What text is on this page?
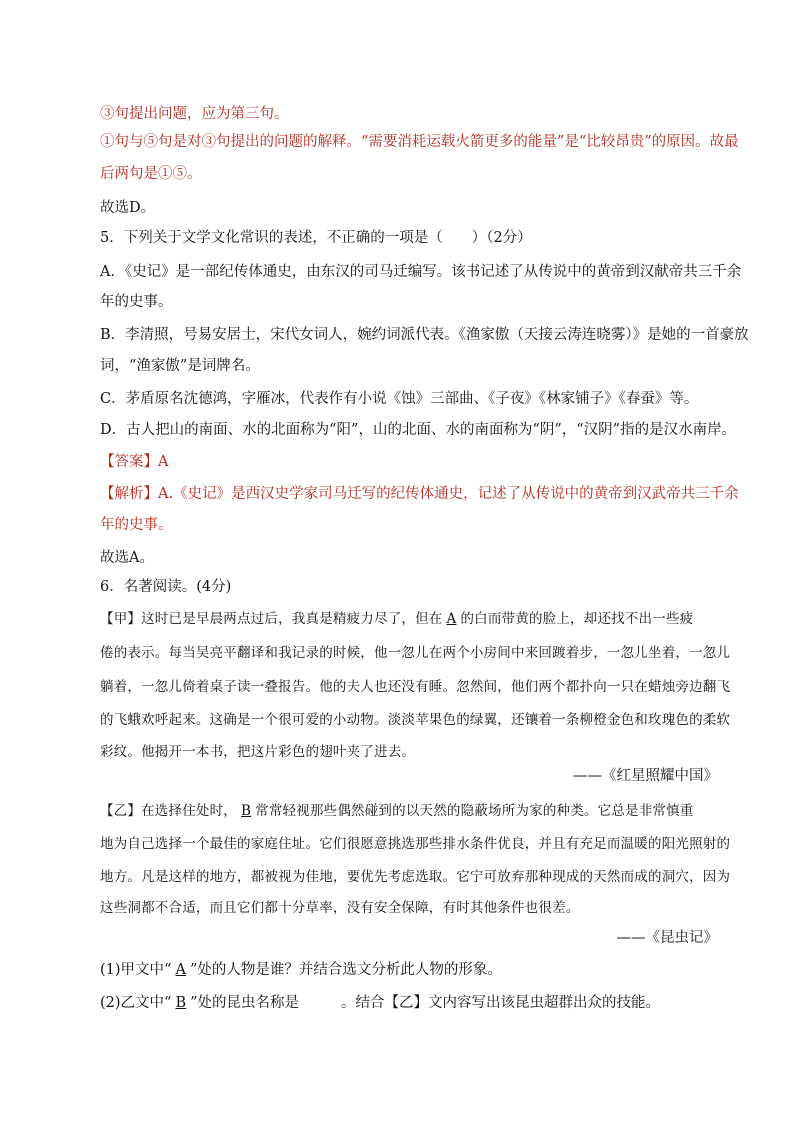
③句提出问题，应为第三句。
①句与⑤句是对③句提出的问题的解释。“需要消耗运载火箭更多的能量”是“比较昂贵”的原因。故最
后两句是①⑤。
故选D。
5．下列关于文学文化常识的表述，不正确的一项是（　　）（2分）
A．《史记》是一部纪传体通史，由东汉的司马迁编写。该书记述了从传说中的黄帝到汉献帝共三千余
年的史事。
B．李清照，号易安居士，宋代女词人，婉约词派代表。《渔家傲（天接云涛连晓雾）》是她的一首豪放
词，“渔家傲”是词牌名。
C．茅盾原名沈德鸿，字雁冰，代表作有小说《蚀》三部曲、《子夜》《林家铺子》《春蚕》等。
D．古人把山的南面、水的北面称为“阳”，山的北面、水的南面称为“阴”，“汉阴”指的是汉水南岸。
【答案】A
【解析】A.《史记》是西汉史学家司马迁写的纪传体通史，记述了从传说中的黄帝到汉武帝共三千余
年的史事。
故选A。
6．名著阅读。(4分)
【甲】这时已是早晨两点过后，我真是精疲力尽了，但在 A 的白而带黄的脸上，却还找不出一些疲
倦的表示。每当吴亮平翻译和我记录的时候，他一忽儿在两个小房间中来回踱着步，一忽儿坐着，一忽儿
躺着，一忽儿倚着桌子读一叠报告。他的夫人也还没有睡。忽然间，他们两个都扑向一只在蜡烛旁边翻飞
的飞蛾欢呼起来。这确是一个很可爱的小动物。淡淡苹果色的绿翼，还镶着一条柳橙金色和玫瑰色的柔软
彩纹。他揭开一本书，把这片彩色的翅叶夹了进去。
——《红星照耀中国》
【乙】在选择住处时， B 常常轻视那些偶然碰到的以天然的隐蔽场所为家的种类。它总是非常慎重
地为自己选择一个最佳的家庭住址。它们很愿意挑选那些排水条件优良，并且有充足而温暖的阳光照射的
地方。凡是这样的地方，都被视为佳地，要优先考虑选取。它宁可放弃那种现成的天然而成的洞穴，因为
这些洞都不合适，而且它们都十分草率，没有安全保障，有时其他条件也很差。
——《昆虫记》
(1)甲文中“ A ”处的人物是谁？并结合选文分析此人物的形象。
(2)乙文中“ B ”处的昆虫名称是	。结合【乙】文内容写出该昆虫超群出众的技能。
